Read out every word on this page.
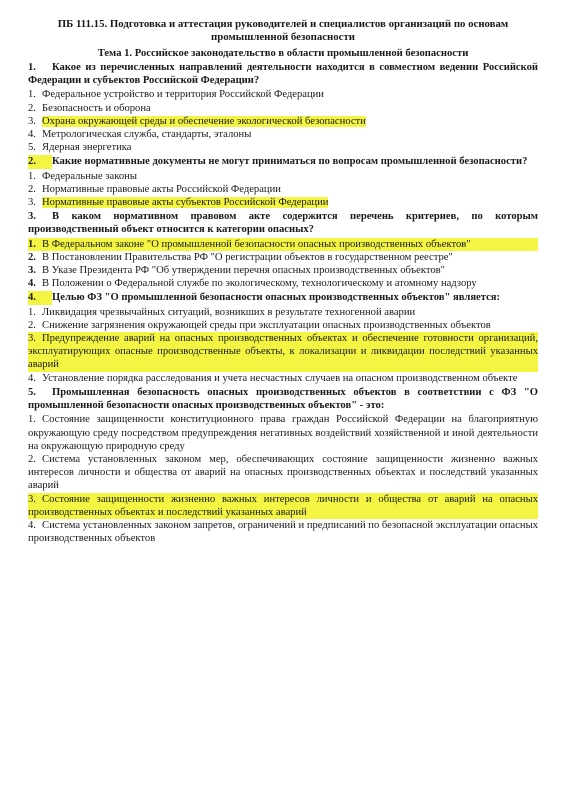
ПБ 111.15. Подготовка и аттестация руководителей и специалистов организаций по основам промышленной безопасности
Тема 1. Российское законодательство в области промышленной безопасности
1. Какое из перечисленных направлений деятельности находится в совместном ведении Российской Федерации и субъектов Российской Федерации?
1. Федеральное устройство и территория Российской Федерации
2. Безопасность и оборона
3. Охрана окружающей среды и обеспечение экологической безопасности
4. Метрологическая служба, стандарты, эталоны
5. Ядерная энергетика
2. Какие нормативные документы не могут приниматься по вопросам промышленной безопасности?
1. Федеральные законы
2. Нормативные правовые акты Российской Федерации
3. Нормативные правовые акты субъектов Российской Федерации
3. В каком нормативном правовом акте содержится перечень критериев, по которым производственный объект относится к категории опасных?
1. В Федеральном законе "О промышленной безопасности опасных производственных объектов"
2. В Постановлении Правительства РФ "О регистрации объектов в государственном реестре"
3. В Указе Президента РФ "Об утверждении перечня опасных производственных объектов"
4. В Положении о Федеральной службе по экологическому, технологическому и атомному надзору
4. Целью ФЗ "О промышленной безопасности опасных производственных объектов" является:
1. Ликвидация чрезвычайных ситуаций, возникших в результате техногенной аварии
2. Снижение загрязнения окружающей среды при эксплуатации опасных производственных объектов
3. Предупреждение аварий на опасных производственных объектах и обеспечение готовности организаций, эксплуатирующих опасные производственные объекты, к локализации и ликвидации последствий указанных аварий
4. Установление порядка расследования и учета несчастных случаев на опасном производственном объекте
5. Промышленная безопасность опасных производственных объектов в соответствии с ФЗ "О промышленной безопасности опасных производственных объектов" - это:
1. Состояние защищенности конституционного права граждан Российской Федерации на благоприятную окружающую среду посредством предупреждения негативных воздействий хозяйственной и иной деятельности на окружающую природную среду
2. Система установленных законом мер, обеспечивающих состояние защищенности жизненно важных интересов личности и общества от аварий на опасных производственных объектах и последствий указанных аварий
3. Состояние защищенности жизненно важных интересов личности и общества от аварий на опасных производственных объектах и последствий указанных аварий
4. Система установленных законом запретов, ограничений и предписаний по безопасной эксплуатации опасных производственных объектов
